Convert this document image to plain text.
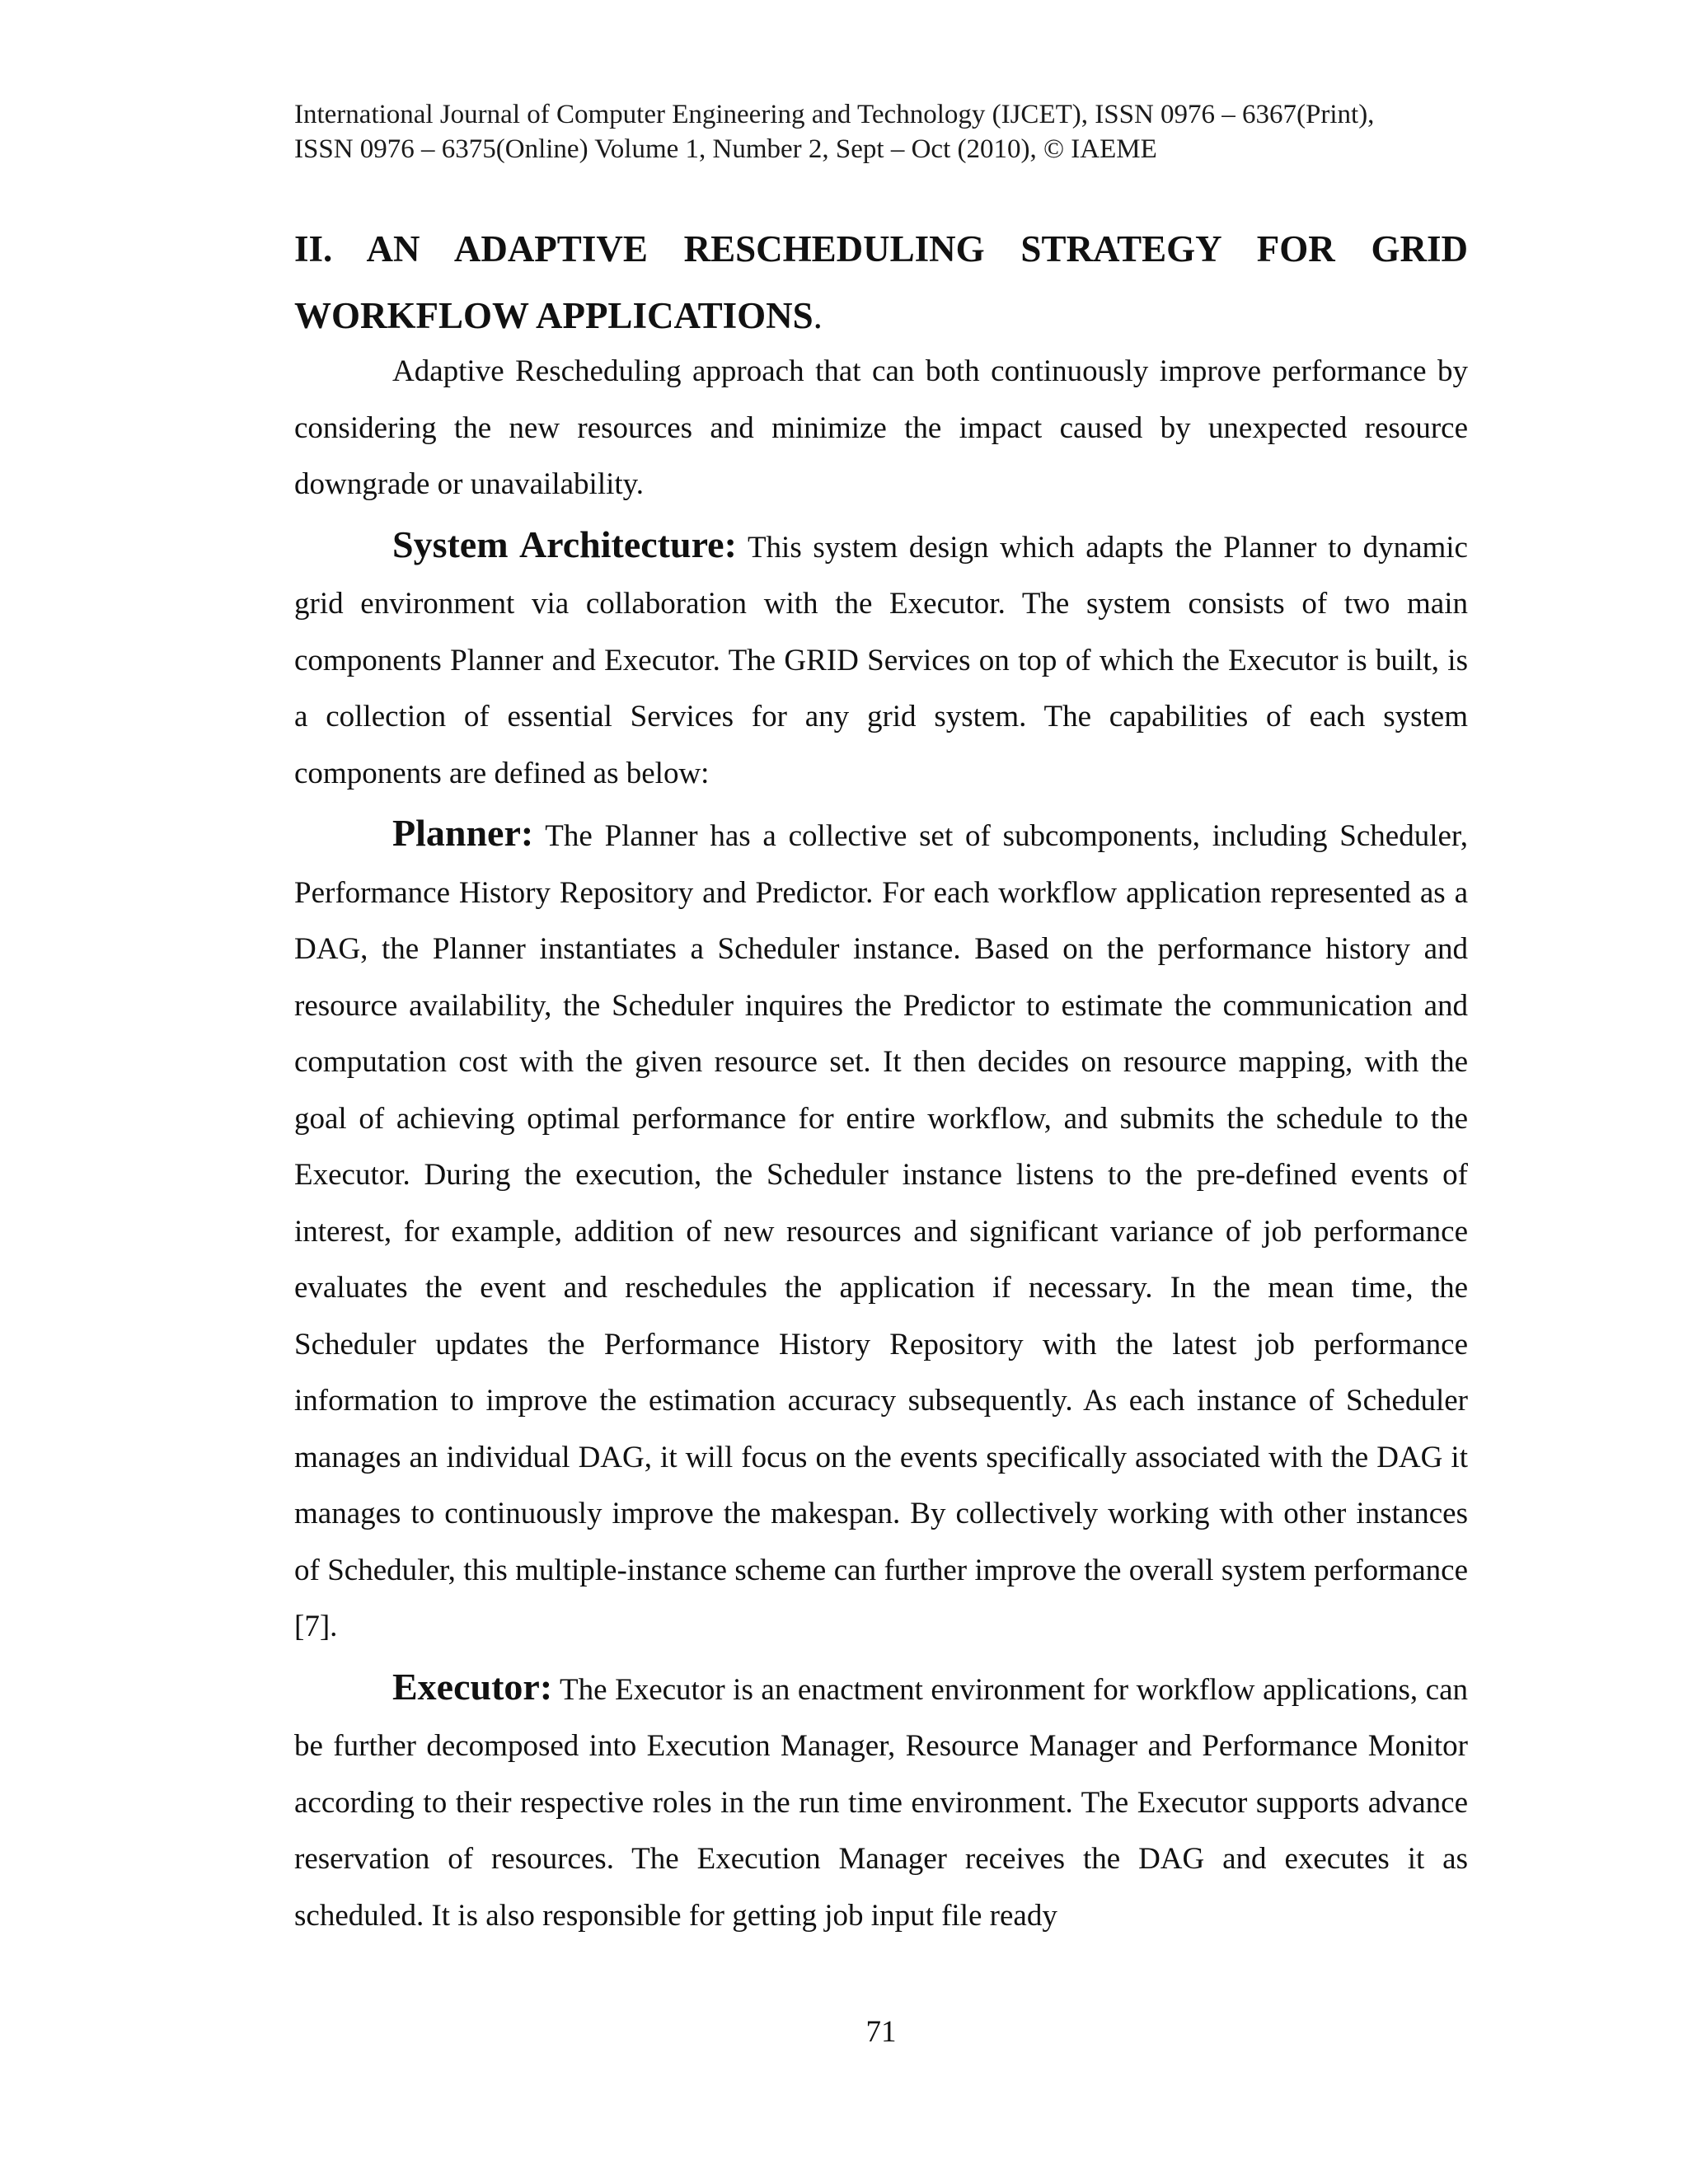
International Journal of Computer Engineering and Technology (IJCET), ISSN 0976 – 6367(Print),
ISSN 0976 – 6375(Online) Volume 1, Number 2, Sept – Oct (2010), © IAEME
II. AN ADAPTIVE RESCHEDULING STRATEGY FOR GRID WORKFLOW APPLICATIONS.

Adaptive Rescheduling approach that can both continuously improve performance by considering the new resources and minimize the impact caused by unexpected resource downgrade or unavailability.

System Architecture: This system design which adapts the Planner to dynamic grid environment via collaboration with the Executor. The system consists of two main components Planner and Executor. The GRID Services on top of which the Executor is built, is a collection of essential Services for any grid system. The capabilities of each system components are defined as below:

Planner: The Planner has a collective set of subcomponents, including Scheduler, Performance History Repository and Predictor. For each workflow application represented as a DAG, the Planner instantiates a Scheduler instance. Based on the performance history and resource availability, the Scheduler inquires the Predictor to estimate the communication and computation cost with the given resource set. It then decides on resource mapping, with the goal of achieving optimal performance for entire workflow, and submits the schedule to the Executor. During the execution, the Scheduler instance listens to the pre-defined events of interest, for example, addition of new resources and significant variance of job performance evaluates the event and reschedules the application if necessary. In the mean time, the Scheduler updates the Performance History Repository with the latest job performance information to improve the estimation accuracy subsequently. As each instance of Scheduler manages an individual DAG, it will focus on the events specifically associated with the DAG it manages to continuously improve the makespan. By collectively working with other instances of Scheduler, this multiple-instance scheme can further improve the overall system performance [7].

Executor: The Executor is an enactment environment for workflow applications, can be further decomposed into Execution Manager, Resource Manager and Performance Monitor according to their respective roles in the run time environment. The Executor supports advance reservation of resources. The Execution Manager receives the DAG and executes it as scheduled. It is also responsible for getting job input file ready

71
